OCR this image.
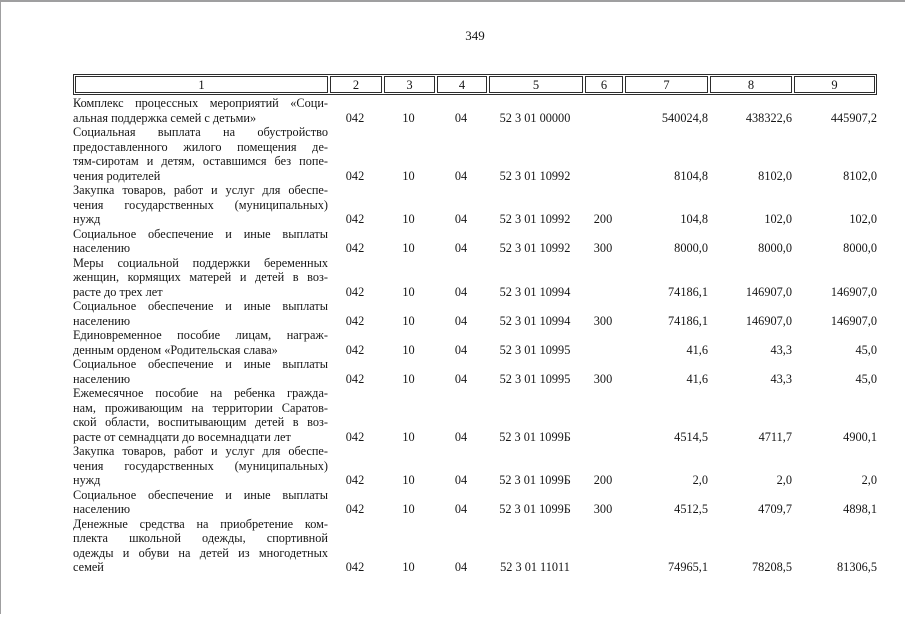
349
1	2	3	4	5	6	7	8	9
Комплекс процессных мероприятий «Соци-
альная поддержка семей с детьми»	042	10	04	52 3 01 00000		540024,8	438322,6	445907,2

Социальная выплата на обустройство
предоставленного жилого помещения де-
тям-сиротам и детям, оставшимся без попе-
чения родителей	042	10	04	52 3 01 10992		8104,8	8102,0	8102,0

Закупка товаров, работ и услуг для обеспе-
чения государственных (муниципальных)
нужд	042	10	04	52 3 01 10992	200	104,8	102,0	102,0

Социальное обеспечение и иные выплаты
населению	042	10	04	52 3 01 10992	300	8000,0	8000,0	8000,0

Меры социальной поддержки беременных
женщин, кормящих матерей и детей в воз-
расте до трех лет	042	10	04	52 3 01 10994		74186,1	146907,0	146907,0

Социальное обеспечение и иные выплаты
населению	042	10	04	52 3 01 10994	300	74186,1	146907,0	146907,0

Единовременное пособие лицам, награж-
денным орденом «Родительская слава»	042	10	04	52 3 01 10995		41,6	43,3	45,0

Социальное обеспечение и иные выплаты
населению	042	10	04	52 3 01 10995	300	41,6	43,3	45,0

Ежемесячное пособие на ребенка гражда-
нам, проживающим на территории Саратов-
ской области, воспитывающим детей в воз-
расте от семнадцати до восемнадцати лет	042	10	04	52 3 01 1099Б		4514,5	4711,7	4900,1

Закупка товаров, работ и услуг для обеспе-
чения государственных (муниципальных)
нужд	042	10	04	52 3 01 1099Б	200	2,0	2,0	2,0

Социальное обеспечение и иные выплаты
населению	042	10	04	52 3 01 1099Б	300	4512,5	4709,7	4898,1

Денежные средства на приобретение ком-
плекта школьной одежды, спортивной
одежды и обуви на детей из многодетных
семей	042	10	04	52 3 01 11011		74965,1	78208,5	81306,5
